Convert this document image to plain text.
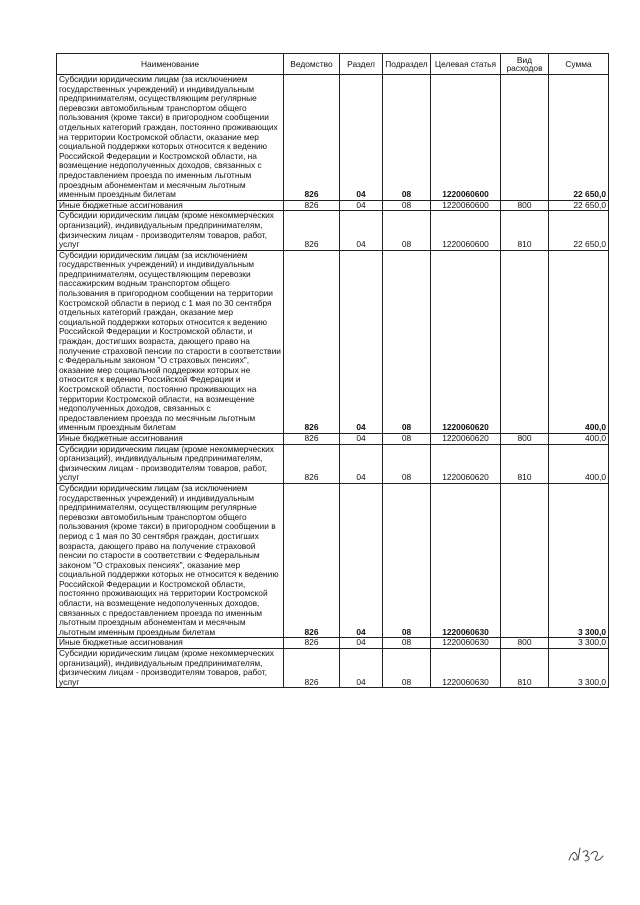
Наименование	Ведомство	Раздел	Подраздел	Целевая статья	Вид расходов	Сумма
Субсидии юридическим лицам (за исключением государственных учреждений) и индивидуальным предпринимателям, осуществляющим регулярные перевозки автомобильным транспортом общего пользования (кроме такси) в пригородном сообщении отдельных категорий граждан, постоянно проживающих на территории Костромской области, оказание мер социальной поддержки которых относится к ведению Российской Федерации и Костромской области, на возмещение недополученных доходов, связанных с предоставлением проезда по именным льготным проездным абонементам и месячным льготным именным проездным билетам	826	04	08	1220060600		22 650,0
Иные бюджетные ассигнования	826	04	08	1220060600	800	22 650,0
Субсидии юридическим лицам (кроме некоммерческих организаций), индивидуальным предпринимателям, физическим лицам - производителям товаров, работ, услуг	826	04	08	1220060600	810	22 650,0
Субсидии юридическим лицам (за исключением государственных учреждений) и индивидуальным предпринимателям, осуществляющим перевозки пассажирским водным транспортом общего пользования в пригородном сообщении на территории Костромской области в период с 1 мая по 30 сентября отдельных категорий граждан, оказание мер социальной поддержки которых относится к ведению Российской Федерации и Костромской области, и граждан, достигших возраста, дающего право на получение страховой пенсии по старости в соответствии с Федеральным законом "О страховых пенсиях", оказание мер социальной поддержки которых не относится к ведению Российской Федерации и Костромской области, постоянно проживающих на территории Костромской области, на возмещение недополученных доходов, связанных с предоставлением проезда по месячным льготным именным проездным билетам	826	04	08	1220060620		400,0
Иные бюджетные ассигнования	826	04	08	1220060620	800	400,0
Субсидии юридическим лицам (кроме некоммерческих организаций), индивидуальным предпринимателям, физическим лицам - производителям товаров, работ, услуг	826	04	08	1220060620	810	400,0
Субсидии юридическим лицам (за исключением государственных учреждений) и индивидуальным предпринимателям, осуществляющим регулярные перевозки автомобильным транспортом общего пользования (кроме такси) в пригородном сообщении в период с 1 мая по 30 сентября граждан, достигших возраста, дающего право на получение страховой пенсии по старости в соответствии с Федеральным законом "О страховых пенсиях", оказание мер социальной поддержки которых не относится к ведению Российской Федерации и Костромской области, постоянно проживающих на территории Костромской области, на возмещение недополученных доходов, связанных с предоставлением проезда по именным льготным проездным абонементам и месячным льготным именным проездным билетам	826	04	08	1220060630		3 300,0
Иные бюджетные ассигнования	826	04	08	1220060630	800	3 300,0
Субсидии юридическим лицам (кроме некоммерческих организаций), индивидуальным предпринимателям, физическим лицам - производителям товаров, работ, услуг	826	04	08	1220060630	810	3 300,0
